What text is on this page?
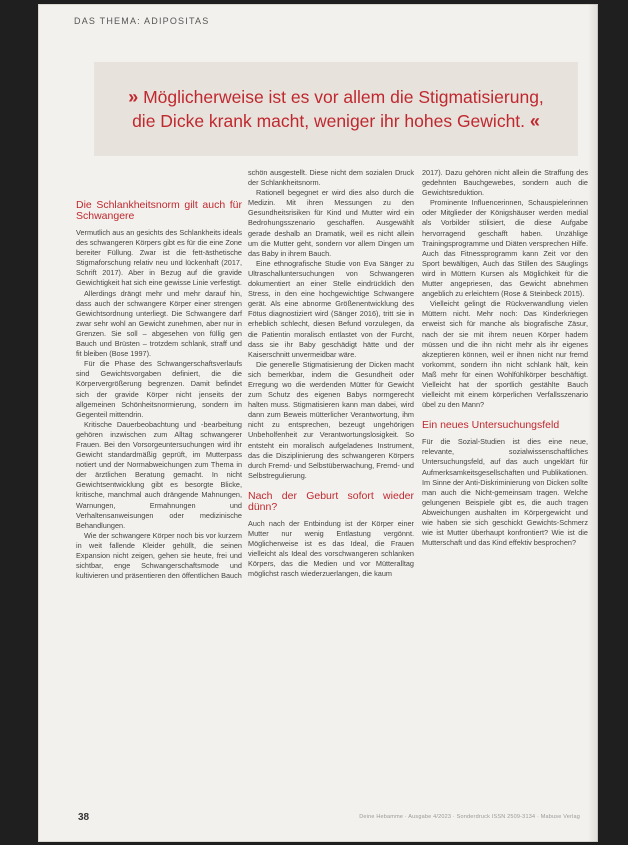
DAS THEMA: ADIPOSITAS
» Möglicherweise ist es vor allem die Stigmatisierung, die Dicke krank macht, weniger ihr hohes Gewicht. «
Die Schlankheitsnorm gilt auch für Schwangere

Vermutlich aus an gesichts des Schlankheits ideals des schwangeren Körpers gibt es für die eine Zone bereiter Füllung. Zwar ist die fett-ästhetische Stigmaforschung relativ neu und lückenhaft (2017, Schrift 2017). Aber in Bezug auf die gravide Gewichtigkeit hat sich eine gewisse Linie verfestigt.

Allerdings drängt mehr und mehr darauf hin, dass auch der schwangere Körper einer strengen Gewichtsordnung unterliegt. Die Schwangere darf zwar sehr wohl an Gewicht zunehmen, aber nur in Grenzen. Sie soll – abgesehen von füllig gen Bauch und Brüsten – trotzdem schlank, straff und fit bleiben (Bose 1997).

Für die Phase des Schwangerschaftsverlaufs sind Gewichtsvorgaben definiert, die die Körpervergrößerung begrenzen. Damit befindet sich der gravide Körper nicht jenseits der allgemeinen Schönheitsnormierung, sondern im Gegenteil mittendrin.

Kritische Dauerbeobachtung und -bearbeitung gehören inzwischen zum Alltag schwangerer Frauen. Bei den Vorsorgeuntersuchungen wird ihr Gewicht standardmäßig geprüft, im Mutterpass notiert und der Normabweichungen zum Thema in der ärztlichen Beratung gemacht. In nicht Gewichtsentwicklung gibt es besorgte Blicke, kritische, manchmal auch drängende Mahnungen, Warnungen, Ermahnungen und Verhaltensanweisungen oder medizinische Behandlungen.

Wie der schwangere Körper noch bis vor kurzem in weit fallende Kleider gehüllt, die seinen Expansion nicht zeigen, gehen sie heute, frei und sichtbar, enge Schwangerschaftsmode und kultivieren und präsentieren den öffentlichen Bauch

schön ausgestellt. Diese nicht dem sozialen Druck der Schlankheitsnorm.

Rationell begegnet er wird dies also durch die Medizin. Mit ihren Messungen zu den Gesundheitsrisiken für Kind und Mutter wird ein Bedrohungsszenario geschaffen. Ausgewählt gerade deshalb an Dramatik, weil es nicht allein um die Mutter geht, sondern vor allem Dingen um das Baby in ihrem Bauch.

Eine ethnografische Studie von Eva Sänger zu Ultraschalluntersuchungen von Schwangeren dokumentiert an einer Stelle eindrücklich den Stress, in den eine hochgewichtige Schwangere gerät. Als eine abnorme Größenentwicklung des Fötus diagnostiziert wird (Sänger 2016), tritt sie in erheblich schlecht, diesen Befund vorzulegen, da die Patientin moralisch entlastet von der Furcht, dass sie ihr Baby geschädigt hätte und der Kaiserschnitt unvermeidbar wäre.

Die generelle Stigmatisierung der Dicken macht sich bemerkbar, indem die Gesundheit oder Erregung wo die werdenden Mütter für Gewicht zum Schutz des eigenen Babys normgerecht halten muss. Stigmatisieren kann man dabei, wird dann zum Beweis mütterlicher Verantwortung, ihm nicht zu entsprechen, bezeugt ungehörigen Unbeholfenheit zur Verantwortungslosigkeit. So entsteht ein moralisch aufgeladenes Instrument, das die Disziplinierung des schwangeren Körpers durch Fremd- und Selbstüberwachung, Fremd- und Selbstregulierung.

Nach der Geburt sofort wieder dünn?

Auch nach der Entbindung ist der Körper einer Mutter nur wenig Entlastung vergönnt. Möglicherweise ist es das Ideal, die Frauen vielleicht als Ideal des vorschwangeren schlanken Körpers, das die Medien und vor Mütteralltag möglichst rasch wiederzuerlangen, die kaum

2017). Dazu gehören nicht allein die Straffung des gedehnten Bauchgewebes, sondern auch die Gewichtsreduktion.

Prominente Influencerinnen, Schauspielerinnen oder Mitglieder der Königshäuser werden medial als Vorbilder stilisiert, die diese Aufgabe hervorragend geschafft haben. Unzählige Trainingsprogramme und Diäten versprechen Hilfe. Auch das Fitnessprogramm kann Zeit vor den Sport bewältigen, Auch das Stillen des Säuglings wird in Müttern Kursen als Möglichkeit für die Mutter angepriesen, das Gewicht abnehmen angeblich zu erleichtern (Rose & Steinbeck 2015).

Vielleicht gelingt die Rückverwandlung vielen Müttern nicht. Mehr noch: Das Kinderkriegen erweist sich für manche als biografische Zäsur, nach der sie mit ihrem neuen Körper hadern müssen und die ihn nicht mehr als ihr eigenes akzeptieren können, weil er ihnen nicht nur fremd vorkommt, sondern ihn nicht schlank hält, kein Maß mehr für einen Wohlfühlkörper beschäftigt. Vielleicht hat der sportlich gestählte Bauch vielleicht mit einem körperlichen Verfallsszenario übel zu den Mann?

Ein neues Untersuchungsfeld

Für die Sozial-Studien ist dies eine neue, relevante, sozialwissenschaftliches Untersuchungsfeld, auf das auch ungeklärt für Aufmerksamkeitsgesellschaften und Publikationen. Im Sinne der Anti-Diskriminierung von Dicken sollte man auch die Nicht-gemeinsam tragen. Welche gelungenen Beispiele gibt es, die auch tragen Abweichungen aushalten im Körpergewicht und wie haben sie sich geschickt Gewichts-Schmerz wie ist Mutter überhaupt konfrontiert? Wie ist die Mutterschaft und das Kind effektiv besprochen?

38	Deine Hebamme · Ausgabe 4/2023 · Sonderdruck ISSN 2509-3134 · Mabuse Verlag
